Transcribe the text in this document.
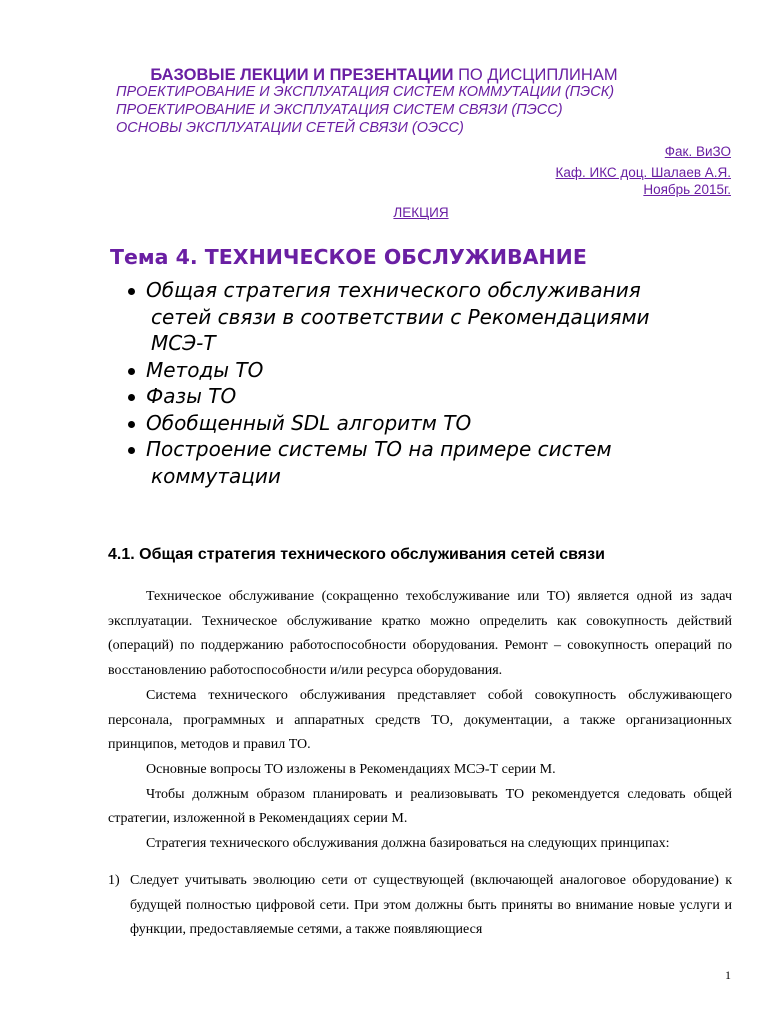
БАЗОВЫЕ ЛЕКЦИИ И ПРЕЗЕНТАЦИИ ПО ДИСЦИПЛИНАМ
ПРОЕКТИРОВАНИЕ И ЭКСПЛУАТАЦИЯ СИСТЕМ КОММУТАЦИИ (ПЭСК)
ПРОЕКТИРОВАНИЕ И ЭКСПЛУАТАЦИЯ СИСТЕМ СВЯЗИ (ПЭСС)
ОСНОВЫ ЭКСПЛУАТАЦИИ СЕТЕЙ СВЯЗИ (ОЭСС)
Фак. ВиЗО
Каф. ИКС доц. Шалаев А.Я.
Ноябрь 2015г.
ЛЕКЦИЯ
Тема 4. ТЕХНИЧЕСКОЕ ОБСЛУЖИВАНИЕ
Общая стратегия технического обслуживания
сетей связи в соответствии с Рекомендациями
МСЭ-Т
Методы ТО
Фазы ТО
Обобщенный SDL алгоритм ТО
Построение системы ТО на примере систем
коммутации
4.1. Общая стратегия технического обслуживания сетей связи

Техническое обслуживание (сокращенно техобслуживание или ТО) является одной из задач эксплуатации. Техническое обслуживание кратко можно определить как совокупность действий (операций) по поддержанию работоспособности оборудования. Ремонт – совокупность операций по восстановлению работоспособности и/или ресурса оборудования.

Система технического обслуживания представляет собой совокупность обслуживающего персонала, программных и аппаратных средств ТО, документации, а также организационных принципов, методов и правил ТО.

Основные вопросы ТО изложены в Рекомендациях МСЭ-Т серии М.

Чтобы должным образом планировать и реализовывать ТО рекомендуется следовать общей стратегии, изложенной в Рекомендациях серии М.

Стратегия технического обслуживания должна базироваться на следующих принципах:

1) Следует учитывать эволюцию сети от существующей (включающей аналоговое оборудование) к будущей полностью цифровой сети. При этом должны быть приняты во внимание новые услуги и функции, предоставляемые сетями, а также появляющиеся
1
